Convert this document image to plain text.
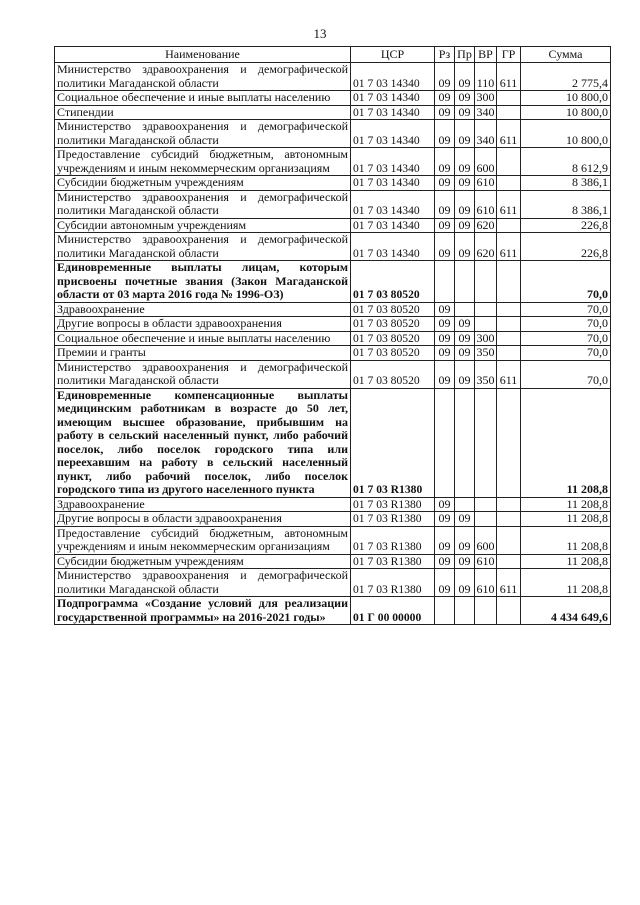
13
Наименование	ЦСР	Рз	Пр	ВР	ГР	Сумма
Министерство здравоохранения и демографической политики Магаданской области	01 7 03 14340	09	09	110	611	2 775,4
Социальное обеспечение и иные выплаты населению	01 7 03 14340	09	09	300		10 800,0
Стипендии	01 7 03 14340	09	09	340		10 800,0
Министерство здравоохранения и демографической политики Магаданской области	01 7 03 14340	09	09	340	611	10 800,0
Предоставление субсидий бюджетным, автономным учреждениям и иным некоммерческим организациям	01 7 03 14340	09	09	600		8 612,9
Субсидии бюджетным учреждениям	01 7 03 14340	09	09	610		8 386,1
Министерство здравоохранения и демографической политики Магаданской области	01 7 03 14340	09	09	610	611	8 386,1
Субсидии автономным учреждениям	01 7 03 14340	09	09	620		226,8
Министерство здравоохранения и демографической политики Магаданской области	01 7 03 14340	09	09	620	611	226,8
Единовременные выплаты лицам, которым присвоены почетные звания (Закон Магаданской области от 03 марта 2016 года № 1996-ОЗ)	01 7 03 80520					70,0
Здравоохранение	01 7 03 80520	09				70,0
Другие вопросы в области здравоохранения	01 7 03 80520	09	09			70,0
Социальное обеспечение и иные выплаты населению	01 7 03 80520	09	09	300		70,0
Премии и гранты	01 7 03 80520	09	09	350		70,0
Министерство здравоохранения и демографической политики Магаданской области	01 7 03 80520	09	09	350	611	70,0
Единовременные компенсационные выплаты медицинским работникам в возрасте до 50 лет, имеющим высшее образование, прибывшим на работу в сельский населенный пункт, либо рабочий поселок, либо поселок городского типа или переехавшим на работу в сельский населенный пункт, либо рабочий поселок, либо поселок городского типа из другого населенного пункта	01 7 03 R1380					11 208,8
Здравоохранение	01 7 03 R1380	09				11 208,8
Другие вопросы в области здравоохранения	01 7 03 R1380	09	09			11 208,8
Предоставление субсидий бюджетным, автономным учреждениям и иным некоммерческим организациям	01 7 03 R1380	09	09	600		11 208,8
Субсидии бюджетным учреждениям	01 7 03 R1380	09	09	610		11 208,8
Министерство здравоохранения и демографической политики Магаданской области	01 7 03 R1380	09	09	610	611	11 208,8
Подпрограмма «Создание условий для реализации государственной программы» на 2016-2021 годы»	01 Г 00 00000					4 434 649,6
